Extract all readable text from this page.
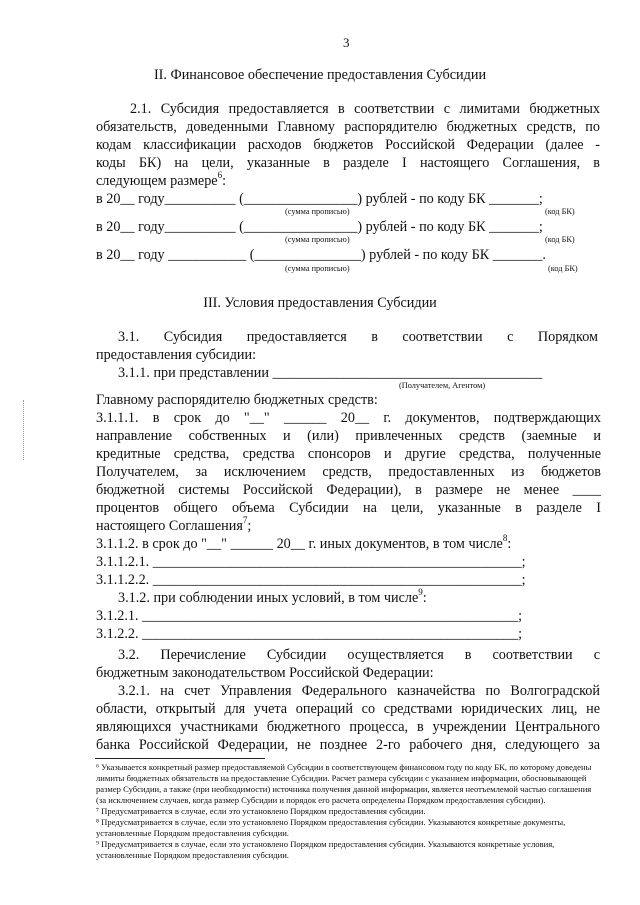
3
II. Финансовое обеспечение предоставления Субсидии
2.1. Субсидия предоставляется в соответствии с лимитами бюджетных
обязательств, доведенными Главному распорядителю бюджетных средств, по
кодам классификации расходов бюджетов Российской Федерации (далее -
коды БК) на цели, указанные в разделе I настоящего Соглашения, в
следующем размере$^6$:
в 20__ году__________ (________________) рублей - по коду БК _______;
(сумма прописью)	(код БК)
в 20__ году__________ (________________) рублей - по коду БК _______;
(сумма прописью)	(код БК)
в 20__ году ___________ (_______________) рублей - по коду БК _______.
(сумма прописью)	(код БК)
III. Условия предоставления Субсидии
3.1. Субсидия предоставляется в соответствии с Порядком
предоставления субсидии:
3.1.1. при представлении ______________________________________
(Получателем, Агентом)
Главному распорядителю бюджетных средств:
3.1.1.1. в срок до "__" ______ 20__ г. документов, подтверждающих
направление собственных и (или) привлеченных средств (заемные и
кредитные средства, средства спонсоров и другие средства, полученные
Получателем, за исключением средств, предоставленных из бюджетов
бюджетной системы Российской Федерации), в размере не менее ____
процентов общего объема Субсидии на цели, указанные в разделе I
настоящего Соглашения$^7$;
3.1.1.2. в срок до "__" ______ 20__ г. иных документов, в том числе$^8$:
3.1.1.2.1. ____________________________________________________;
3.1.1.2.2. ____________________________________________________;
3.1.2. при соблюдении иных условий, в том числе$^9$:
3.1.2.1. _____________________________________________________;
3.1.2.2. _____________________________________________________;
3.2. Перечисление Субсидии осуществляется в соответствии с
бюджетным законодательством Российской Федерации:
3.2.1. на счет Управления Федерального казначейства по Волгоградской
области, открытый для учета операций со средствами юридических лиц, не
являющихся участниками бюджетного процесса, в учреждении Центрального
банка Российской Федерации, не позднее 2-го рабочего дня, следующего за
⁶ Указывается конкретный размер предоставляемой Субсидии в соответствующем финансовом году по коду БК, по которому доведены
лимиты бюджетных обязательств на предоставление Субсидии. Расчет размера субсидии с указанием информации, обосновывающей
размер Субсидии, а также (при необходимости) источника получения данной информации, является неотъемлемой частью соглашения
(за исключением случаев, когда размер Субсидии и порядок его расчета определены Порядком предоставления субсидии).
⁷ Предусматривается в случае, если это установлено Порядком предоставления субсидии.
⁸ Предусматривается в случае, если это установлено Порядком предоставления субсидии. Указываются конкретные документы,
установленные Порядком предоставления субсидии.
⁹ Предусматривается в случае, если это установлено Порядком предоставления субсидии. Указываются конкретные условия,
установленные Порядком предоставления субсидии.
